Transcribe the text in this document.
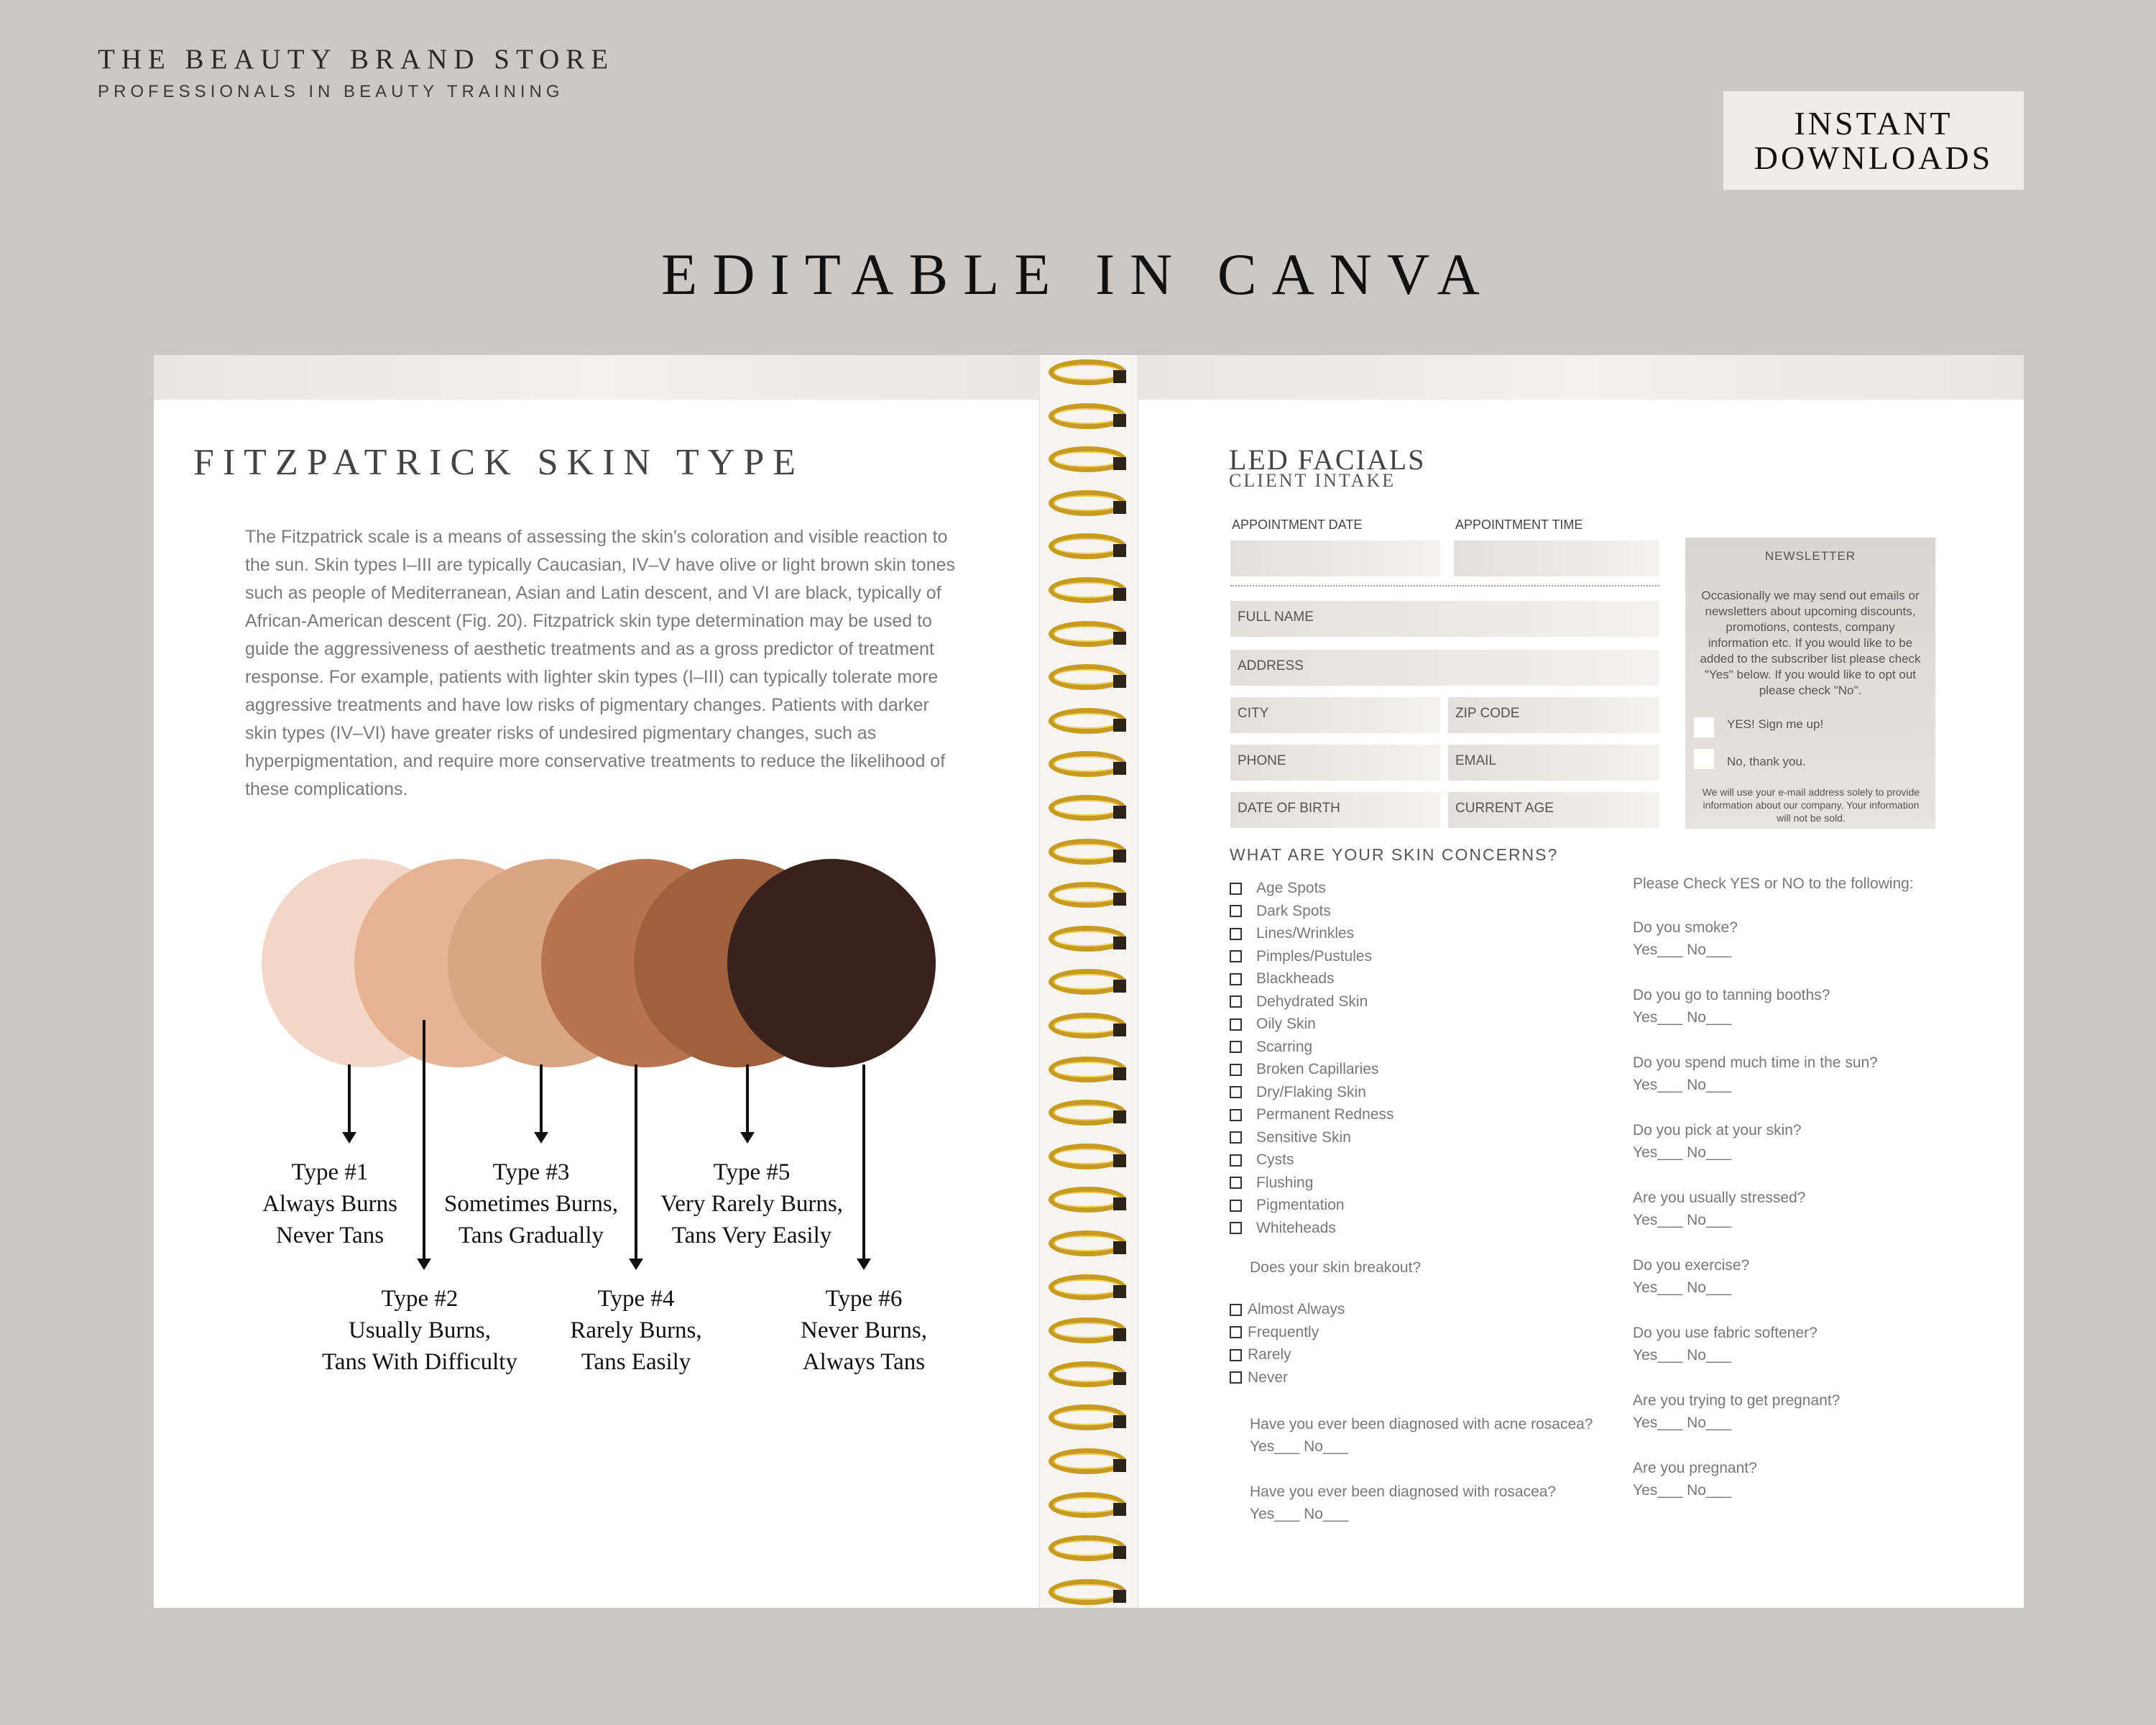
THE BEAUTY BRAND STORE
PROFESSIONALS IN BEAUTY TRAINING
INSTANT
DOWNLOADS
EDITABLE IN CANVA
FITZPATRICK SKIN TYPE
The Fitzpatrick scale is a means of assessing the skin's coloration and visible reaction to the sun. Skin types I–III are typically Caucasian, IV–V have olive or light brown skin tones such as people of Mediterranean, Asian and Latin descent, and VI are black, typically of African-American descent (Fig. 20). Fitzpatrick skin type determination may be used to guide the aggressiveness of aesthetic treatments and as a gross predictor of treatment response. For example, patients with lighter skin types (I–III) can typically tolerate more aggressive treatments and have low risks of pigmentary changes. Patients with darker skin types (IV–VI) have greater risks of undesired pigmentary changes, such as hyperpigmentation, and require more conservative treatments to reduce the likelihood of these complications.
Type #1
Always Burns
Never Tans
Type #2
Usually Burns,
Tans With Difficulty
Type #3
Sometimes Burns,
Tans Gradually
Type #4
Rarely Burns,
Tans Easily
Type #5
Very Rarely Burns,
Tans Very Easily
Type #6
Never Burns,
Always Tans
LED FACIALS
CLIENT INTAKE
APPOINTMENT DATE	APPOINTMENT TIME
FULL NAME
ADDRESS
CITY	ZIP CODE
PHONE	EMAIL
DATE OF BIRTH	CURRENT AGE
NEWSLETTER
Occasionally we may send out emails or newsletters about upcoming discounts, promotions, contests, company information etc. If you would like to be added to the subscriber list please check "Yes" below. If you would like to opt out please check "No".
YES! Sign me up!
No, thank you.
We will use your e-mail address solely to provide information about our company. Your information will not be sold.
WHAT ARE YOUR SKIN CONCERNS?
Age Spots
Dark Spots
Lines/Wrinkles
Pimples/Pustules
Blackheads
Dehydrated Skin
Oily Skin
Scarring
Broken Capillaries
Dry/Flaking Skin
Permanent Redness
Sensitive Skin
Cysts
Flushing
Pigmentation
Whiteheads
Does your skin breakout?
Almost Always
Frequently
Rarely
Never
Have you ever been diagnosed with acne rosacea?
Yes___ No___
Have you ever been diagnosed with rosacea?
Yes___ No___
Please Check YES or NO to the following:
Do you smoke?
Yes___ No___
Do you go to tanning booths?
Yes___ No___
Do you spend much time in the sun?
Yes___ No___
Do you pick at your skin?
Yes___ No___
Are you usually stressed?
Yes___ No___
Do you exercise?
Yes___ No___
Do you use fabric softener?
Yes___ No___
Are you trying to get pregnant?
Yes___ No___
Are you pregnant?
Yes___ No___
